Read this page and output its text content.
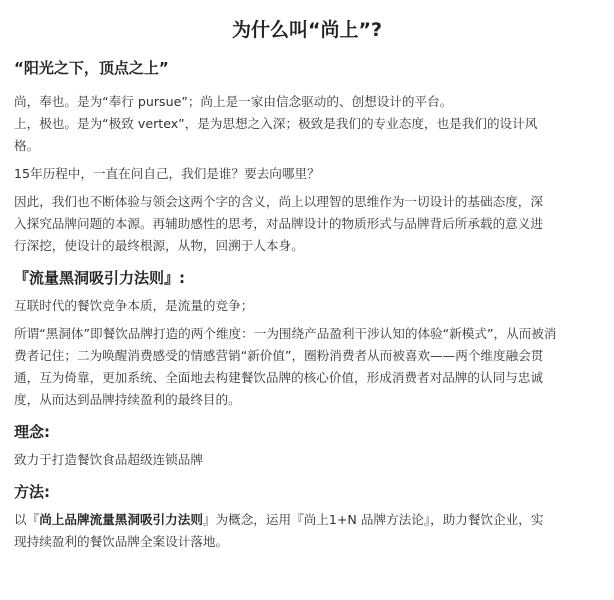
为什么叫“尚上”?
“阳光之下，顶点之上”

尚，奉也。是为“奉行 pursue”；尚上是一家由信念驱动的、创想设计的平台。
上，极也。是为“极致 vertex”，是为思想之入深；极致是我们的专业态度，也是我们的设计风
格。

15年历程中，一直在问自己，我们是谁？要去向哪里？

因此，我们也不断体验与领会这两个字的含义，尚上以理智的思维作为一切设计的基础态度，深
入探究品牌问题的本源。再辅助感性的思考，对品牌设计的物质形式与品牌背后所承载的意义进
行深挖，使设计的最终根源，从物，回溯于人本身。

『流量黑洞吸引力法则』:

互联时代的餐饮竞争本质，是流量的竞争；

所谓“黑洞体”即餐饮品牌打造的两个维度：一为围绕产品盈利干涉认知的体验“新模式”，从而被消
费者记住；二为唤醒消费感受的情感营销“新价值”，圈粉消费者从而被喜欢——两个维度融会贯
通，互为倚靠，更加系统、全面地去构建餐饮品牌的核心价值，形成消费者对品牌的认同与忠诚
度，从而达到品牌持续盈利的最终目的。

理念:

致力于打造餐饮食品超级连锁品牌

方法:

以『尚上品牌流量黑洞吸引力法则』为概念，运用『尚上1+N 品牌方法论』，助力餐饮企业，实
现持续盈利的餐饮品牌全案设计落地。
